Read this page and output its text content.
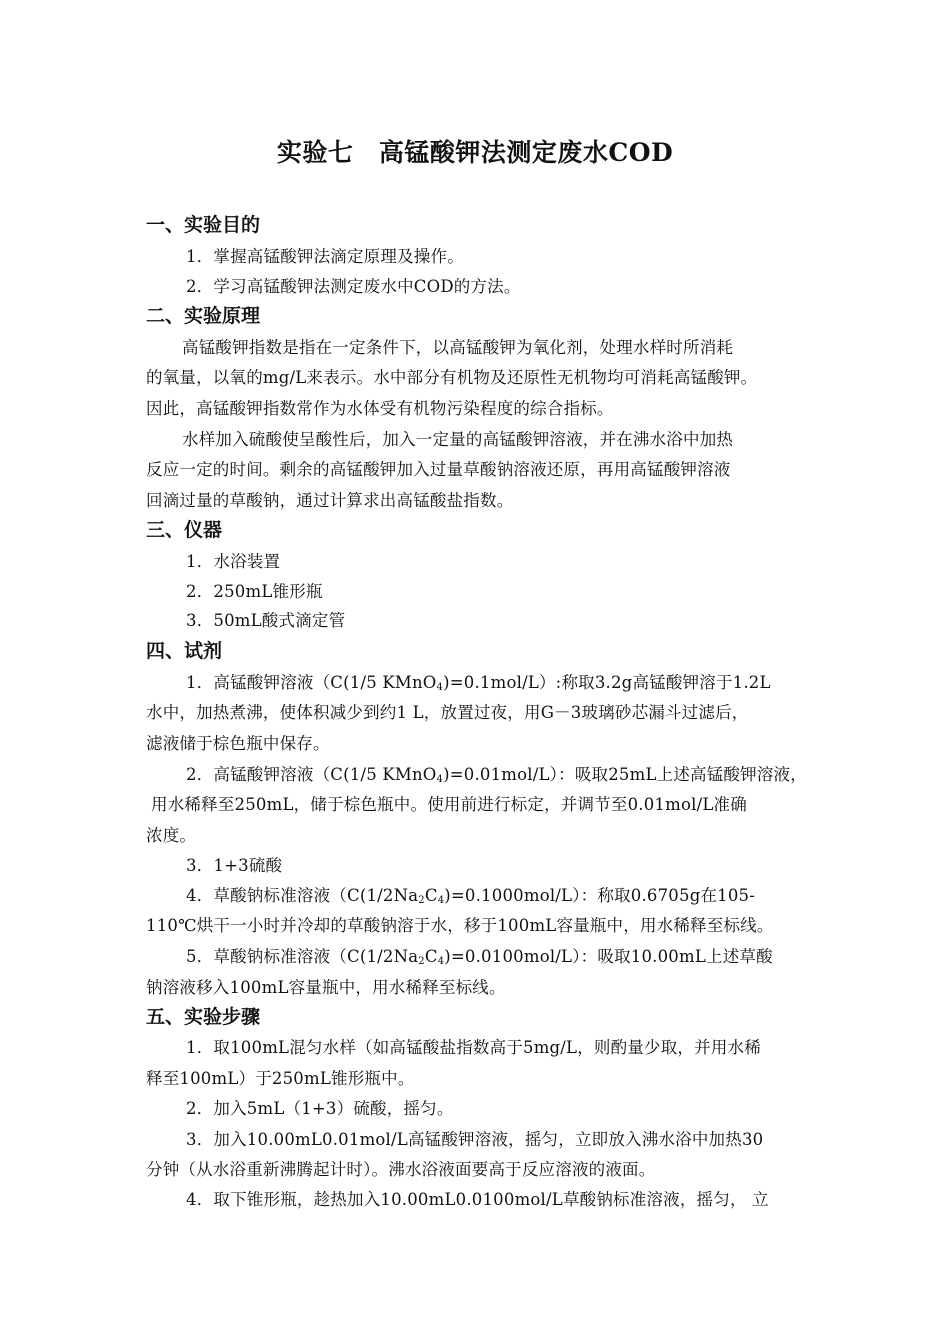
实验七　高锰酸钾法测定废水COD
一、实验目的
1．掌握高锰酸钾法滴定原理及操作。
2．学习高锰酸钾法测定废水中COD的方法。
二、实验原理
高锰酸钾指数是指在一定条件下，以高锰酸钾为氧化剂，处理水样时所消耗
的氧量，以氧的mg/L来表示。水中部分有机物及还原性无机物均可消耗高锰酸钾。
因此，高锰酸钾指数常作为水体受有机物污染程度的综合指标。
水样加入硫酸使呈酸性后，加入一定量的高锰酸钾溶液，并在沸水浴中加热
反应一定的时间。剩余的高锰酸钾加入过量草酸钠溶液还原，再用高锰酸钾溶液
回滴过量的草酸钠，通过计算求出高锰酸盐指数。
三、仪器
1．水浴装置
2．250mL锥形瓶
3．50mL酸式滴定管
四、试剂
1．高锰酸钾溶液（C(1/5 KMnO$_4$)=0.1mol/L）:称取3.2g高锰酸钾溶于1.2L
水中，加热煮沸，使体积减少到约1 L，放置过夜，用G－3玻璃砂芯漏斗过滤后，
滤液储于棕色瓶中保存。
2．高锰酸钾溶液（C(1/5 KMnO$_4$)=0.01mol/L）：吸取25mL上述高锰酸钾溶液，
用水稀释至250mL，储于棕色瓶中。使用前进行标定，并调节至0.01mol/L准确
浓度。
3．1+3硫酸
4．草酸钠标准溶液$(C(1/2Na_2C_4)=0.1000mol/L)$：称取0.6705g在105-
110℃烘干一小时并冷却的草酸钠溶于水，移于100mL容量瓶中，用水稀释至标线。
5．草酸钠标准溶液$(C(1/2Na_2C_4)=0.0100mol/L)$：吸取10.00mL上述草酸
钠溶液移入100mL容量瓶中，用水稀释至标线。
五、实验步骤
1．取100mL混匀水样（如高锰酸盐指数高于5mg/L，则酌量少取，并用水稀
释至100mL）于250mL锥形瓶中。
2．加入5mL（1+3）硫酸，摇匀。
3．加入10.00mL0.01mol/L高锰酸钾溶液，摇匀，立即放入沸水浴中加热30
分钟（从水浴重新沸腾起计时）。沸水浴液面要高于反应溶液的液面。
4．取下锥形瓶，趁热加入10.00mL0.0100mol/L草酸钠标准溶液，摇匀， 立
